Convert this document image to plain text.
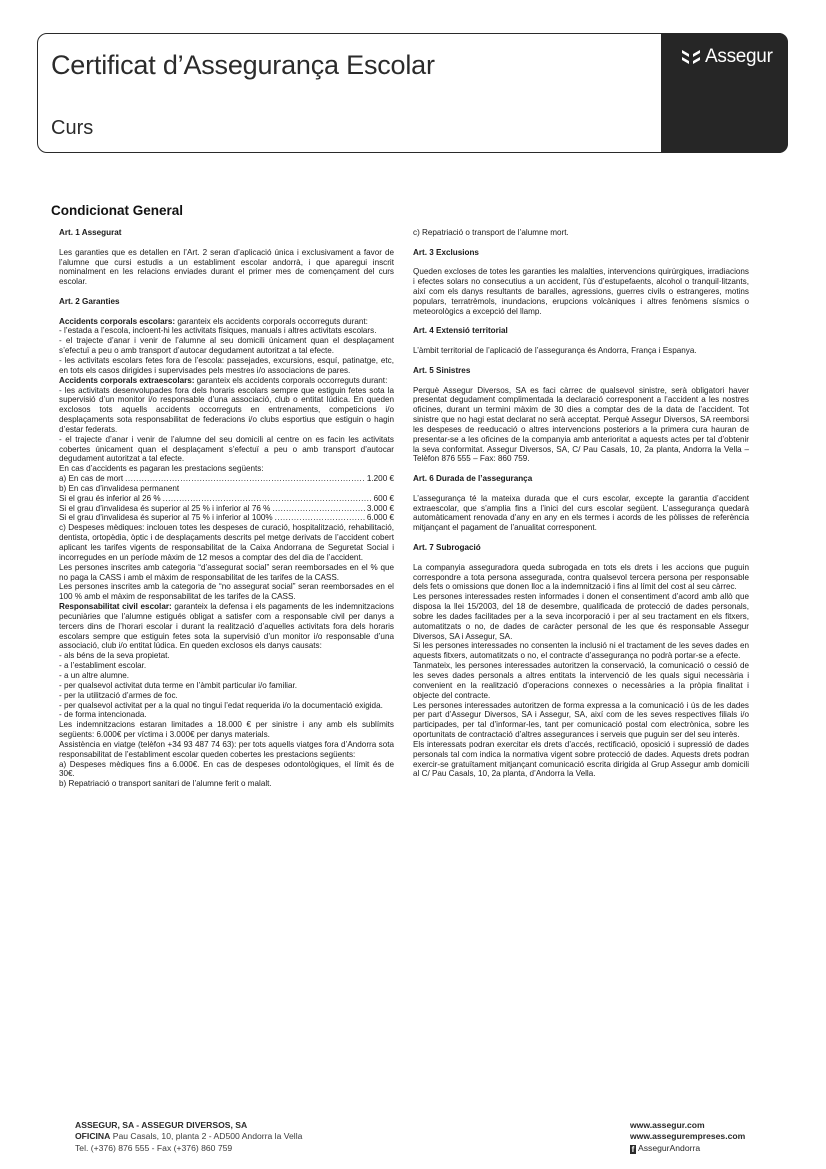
Certificat d’Assegurança Escolar
Curs
Assegur
Condicionat General

Art. 1 Assegurat

Les garanties que es detallen en l’Art. 2 seran d’aplicació única i exclusivament a favor de l’alumne que cursi estudis a un establiment escolar andorrà, i que aparegui inscrit nominalment en les relacions enviades durant el primer mes de començament del curs escolar.

Art. 2 Garanties

Accidents corporals escolars: garanteix els accidents corporals occorreguts durant:

- l’estada a l’escola, incloent-hi les activitats físiques, manuals i altres activitats escolars.

- el trajecte d’anar i venir de l’alumne al seu domicili únicament quan el desplaçament s’efectuï a peu o amb transport d’autocar degudament autoritzat a tal efecte.

- les activitats escolars fetes fora de l’escola: passejades, excursions, esquí, patinatge, etc, en tots els casos dirigides i supervisades pels mestres i/o associacions de pares.

Accidents corporals extraescolars: garanteix els accidents corporals occorreguts durant:

- les activitats desenvolupades fora dels horaris escolars sempre que estiguin fetes sota la supervisió d’un monitor i/o responsable d’una associació, club o entitat lúdica. En queden exclosos tots aquells accidents occorreguts en entrenaments, competicions i/o desplaçaments sota responsabilitat de federacions i/o clubs esportius que estiguin o hagin d’estar federats.

- el trajecte d’anar i venir de l’alumne del seu domicili al centre on es facin les activitats cobertes únicament quan el desplaçament s’efectuï a peu o amb transport d’autocar degudament autoritzat a tal efecte.

En cas d’accidents es pagaran les prestacions següents:

a) En cas de mort .....	1.200 €

b) En cas d’invalidesa permanent

Si el grau és inferior al 26 % .....	600 €
Si el grau d’invalidesa és superior al 25 % i inferior al 76 % .....	3.000 €
Si el grau d’invalidesa és superior al 75 % i inferior al 100% .....	6.000 €

c) Despeses mèdiques: inclouen totes les despeses de curació, hospitalització, rehabilitació, dentista, ortopèdia, òptic i de desplaçaments descrits pel metge derivats de l’accident cobert aplicant les tarifes vigents de responsabilitat de la Caixa Andorrana de Seguretat Social i incorregudes en un període màxim de 12 mesos a comptar des del dia de l’accident.

Les persones inscrites amb categoria “d’assegurat social” seran reemborsades en el % que no paga la CASS i amb el màxim de responsabilitat de les tarifes de la CASS.

Les persones inscrites amb la categoria de “no assegurat social” seran reemborsades en el 100 % amb el màxim de responsabilitat de les tarifes de la CASS.

Responsabilitat civil escolar: garanteix la defensa i els pagaments de les indemnitzacions pecuniàries que l’alumne estigués obligat a satisfer com a responsable civil per danys a tercers dins de l’horari escolar i durant la realització d’aquelles activitats fora dels horaris escolars sempre que estiguin fetes sota la supervisió d’un monitor i/o responsable d’una associació, club i/o entitat lúdica. En queden exclosos els danys causats:

- als béns de la seva propietat.

- a l’establiment escolar.

- a un altre alumne.

- per qualsevol activitat duta terme en l’àmbit particular i/o familiar.

- per la utilització d’armes de foc.

- per qualsevol activitat per a la qual no tingui l’edat requerida i/o la documentació exigida.

- de forma intencionada.

Les indemnitzacions estaran limitades a 18.000 € per sinistre i any amb els sublímits següents: 6.000€ per víctima i 3.000€ per danys materials.

Assistència en viatge (telèfon +34 93 487 74 63): per tots aquells viatges fora d’Andorra sota responsabilitat de l’establiment escolar queden cobertes les prestacions següents:

a) Despeses mèdiques fins a 6.000€. En cas de despeses odontològiques, el límit és de 30€.

b) Repatriació o transport sanitari de l’alumne ferit o malalt.

c) Repatriació o transport de l’alumne mort.

Art. 3 Exclusions

Queden excloses de totes les garanties les malalties, intervencions quirúrgiques, irradiacions i efectes solars no consecutius a un accident, l’ús d’estupefaents, alcohol o tranquil·litzants, així com els danys resultants de baralles, agressions, guerres civils o estrangeres, motins populars, terratrèmols, inundacions, erupcions volcàniques i altres fenòmens sísmics o meteorològics a excepció del llamp.

Art. 4 Extensió territorial

L’àmbit territorial de l’aplicació de l’assegurança és Andorra, França i Espanya.

Art. 5 Sinistres

Perquè Assegur Diversos, SA es faci càrrec de qualsevol sinistre, serà obligatori haver presentat degudament complimentada la declaració corresponent a l’accident a les nostres oficines, durant un termini màxim de 30 dies a comptar des de la data de l’accident. Tot sinistre que no hagi estat declarat no serà acceptat. Perquè Assegur Diversos, SA reemborsi les despeses de reeducació o altres intervencions posteriors a la primera cura hauran de presentar-se a les oficines de la companyia amb anterioritat a aquests actes per tal d’obtenir la seva conformitat. Assegur Diversos, SA, C/ Pau Casals, 10, 2a planta, Andorra la Vella – Telèfon 876 555 – Fax: 860 759.

Art. 6 Durada de l’assegurança

L’assegurança té la mateixa durada que el curs escolar, excepte la garantia d’accident extraescolar, que s’amplia fins a l’inici del curs escolar següent. L’assegurança quedarà automàticament renovada d’any en any en els termes i acords de les pòlisses de referència mitjançant el pagament de l’anualitat corresponent.

Art. 7 Subrogació

La companyia asseguradora queda subrogada en tots els drets i les accions que puguin correspondre a tota persona assegurada, contra qualsevol tercera persona per responsable dels fets o omissions que donen lloc a la indemnització i fins al límit del cost al seu càrrec.

Les persones interessades resten informades i donen el consentiment d’acord amb allò que disposa la llei 15/2003, del 18 de desembre, qualificada de protecció de dades personals, sobre les dades facilitades per a la seva incorporació i per al seu tractament en els fitxers, automatitzats o no, de dades de caràcter personal de les que és responsable Assegur Diversos, SA i Assegur, SA.

Si les persones interessades no consenten la inclusió ni el tractament de les seves dades en aquests fitxers, automatitzats o no, el contracte d’assegurança no podrà portar-se a efecte.

Tanmateix, les persones interessades autoritzen la conservació, la comunicació o cessió de les seves dades personals a altres entitats la intervenció de les quals sigui necessària i convenient en la realització d’operacions connexes o necessàries a la pròpia finalitat i objecte del contracte.

Les persones interessades autoritzen de forma expressa a la comunicació i ús de les dades per part d’Assegur Diversos, SA i Assegur, SA, així com de les seves respectives filials i/o participades, per tal d’informar-les, tant per comunicació postal com electrònica, sobre les oportunitats de contractació d’altres assegurances i serveis que puguin ser del seu interès.

Els interessats podran exercitar els drets d’accés, rectificació, oposició i supressió de dades personals tal com indica la normativa vigent sobre protecció de dades. Aquests drets podran exercir-se gratuïtament mitjançant comunicació escrita dirigida al Grup Assegur amb domicili al C/ Pau Casals, 10, 2a planta, d’Andorra la Vella.

ASSEGUR, SA - ASSEGUR DIVERSOS, SA
OFICINA Pau Casals, 10, planta 2 - AD500 Andorra la Vella
Tel. (+376) 876 555 - Fax (+376) 860 759
www.assegur.com
www.assegurempreses.com
f AssegurAndorra
